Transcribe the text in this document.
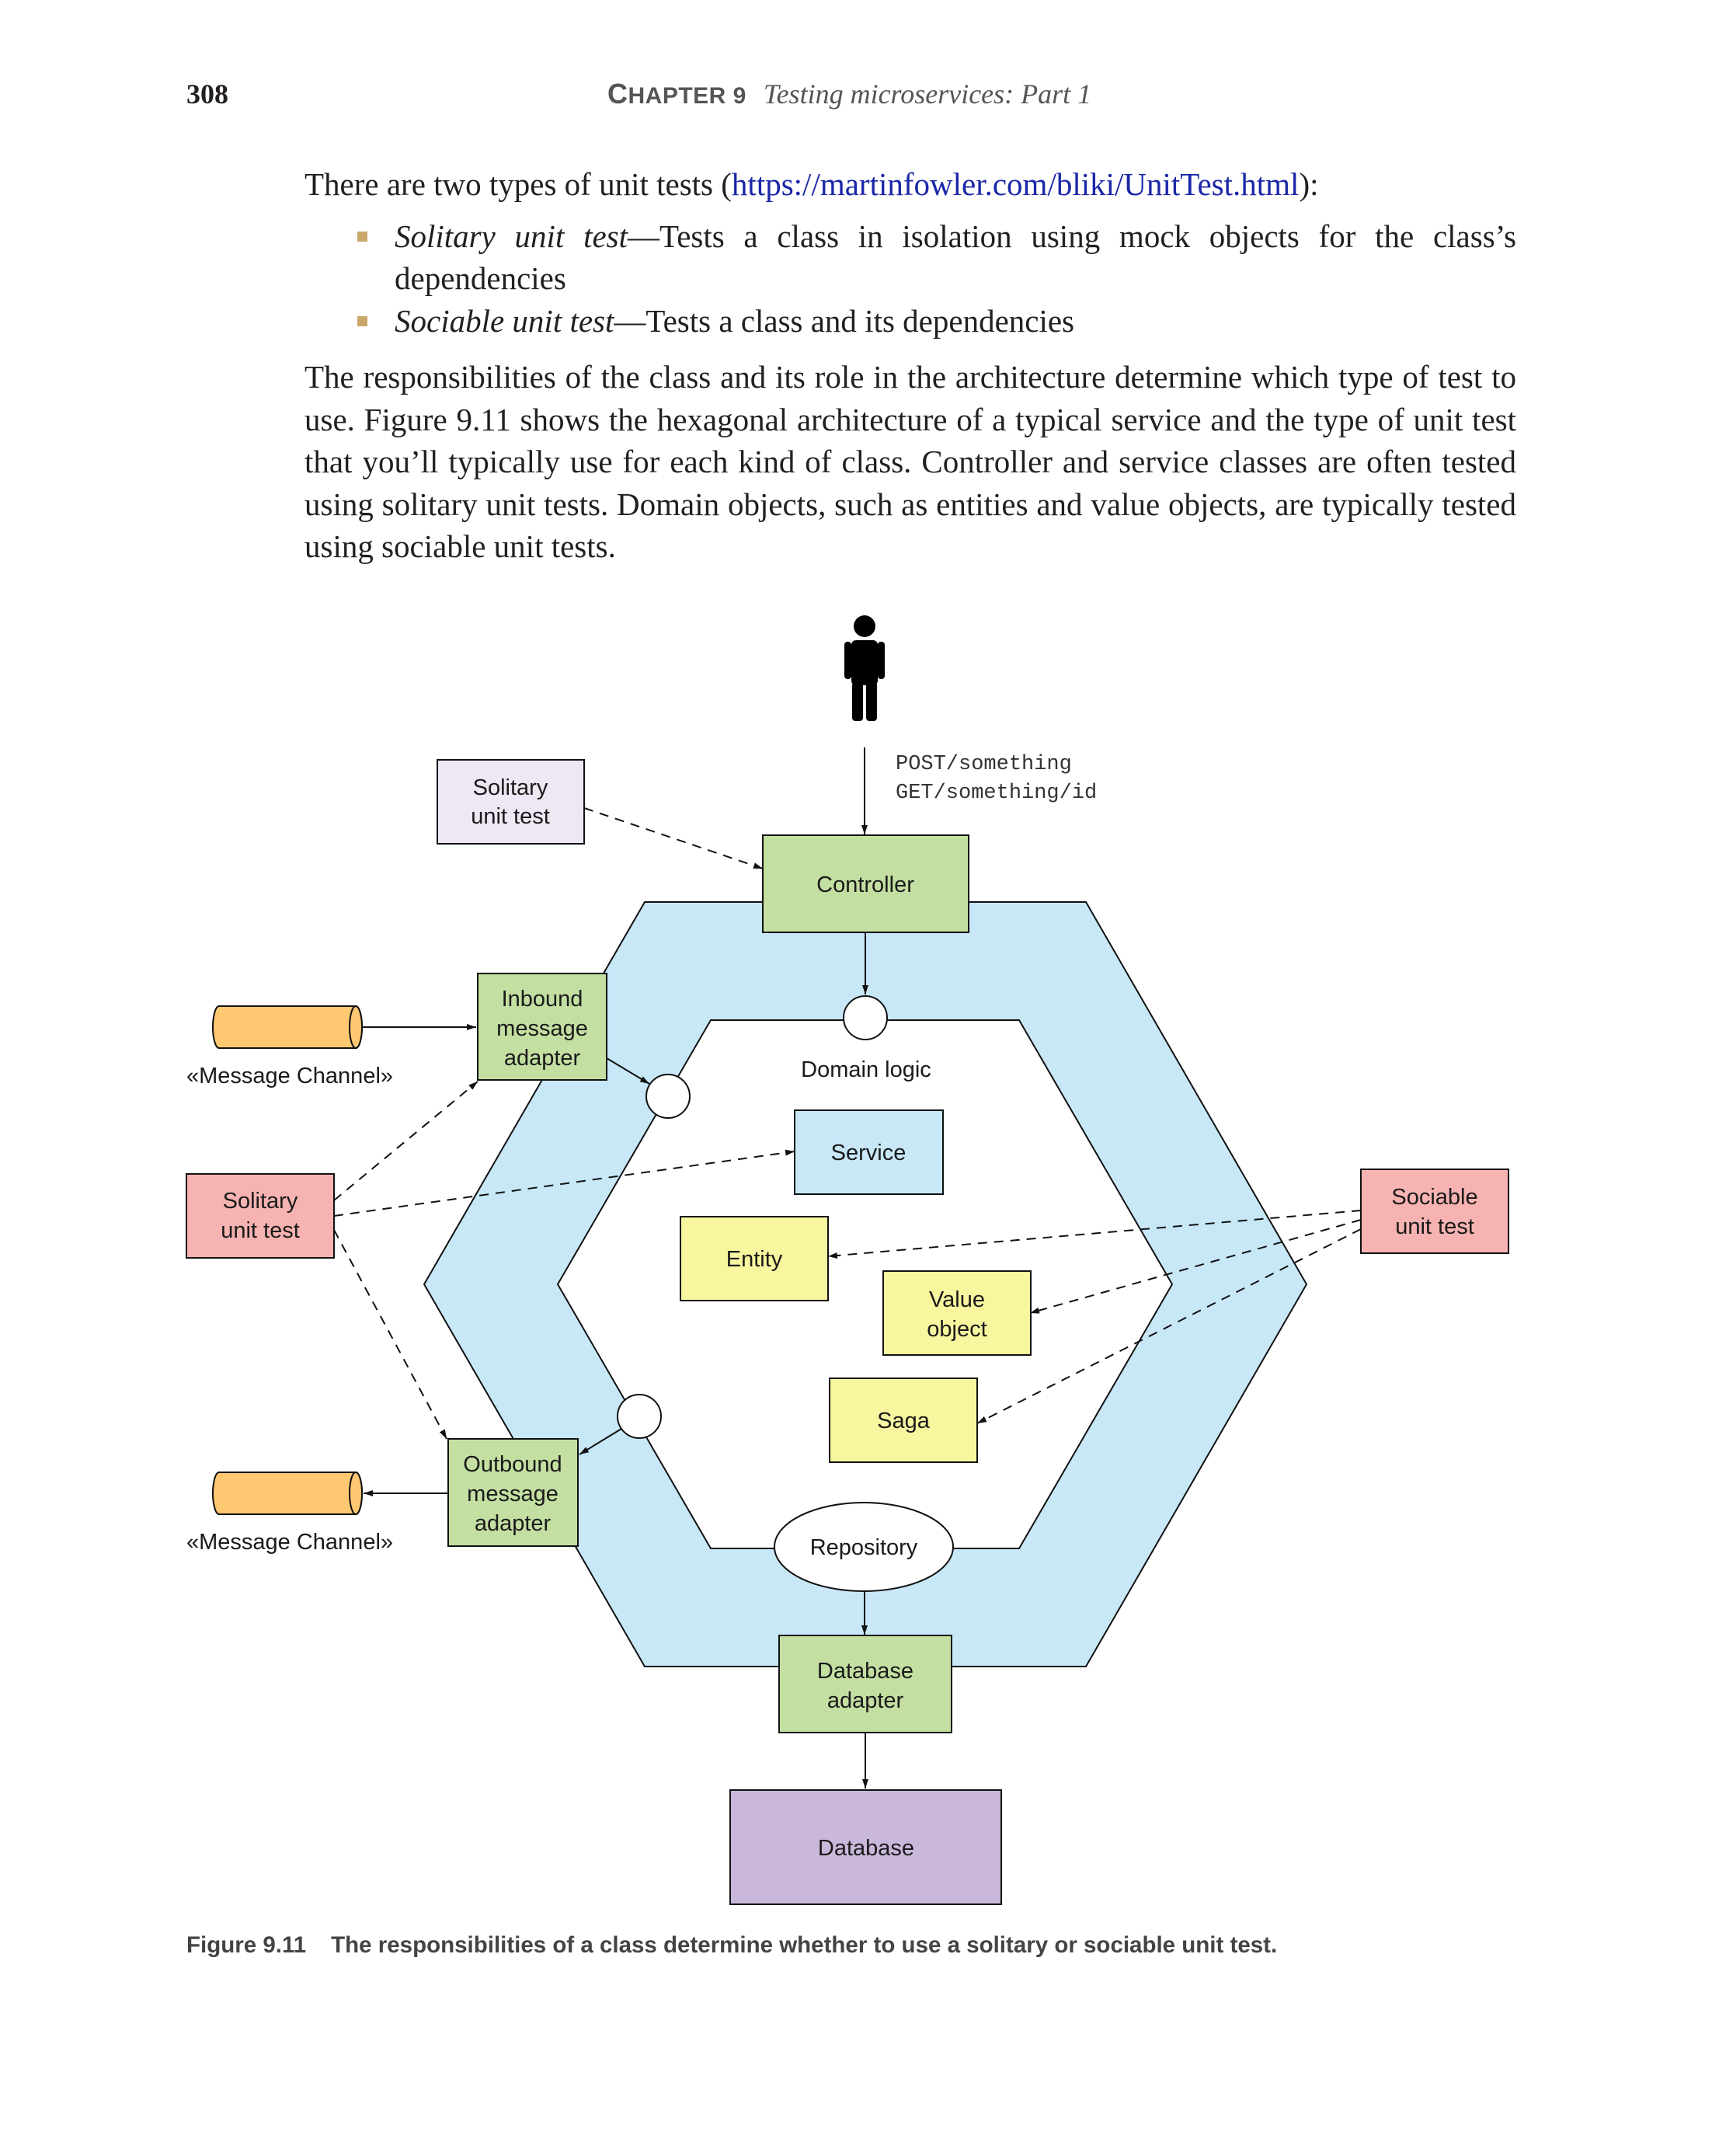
308	CHAPTER 9 Testing microservices: Part 1

There are two types of unit tests (https://martinfowler.com/bliki/UnitTest.html):

Solitary unit test—Tests a class in isolation using mock objects for the class’s dependencies
Sociable unit test—Tests a class and its dependencies

The responsibilities of the class and its role in the architecture determine which type of test to use. Figure 9.11 shows the hexagonal architecture of a typical service and the type of unit test that you’ll typically use for each kind of class. Controller and service classes are often tested using solitary unit tests. Domain objects, such as entities and value objects, are typically tested using sociable unit tests.

POST/something
GET/something/id
Solitary
unit test
Controller
Domain logic
Inbound
message
adapter
«Message Channel»
Service
Solitary
unit test
Entity
Sociable
unit test
Value
object
Saga
Outbound
message
adapter
«Message Channel»	Repository
Database
adapter
Database
Figure 9.11 The responsibilities of a class determine whether to use a solitary or sociable unit test.
